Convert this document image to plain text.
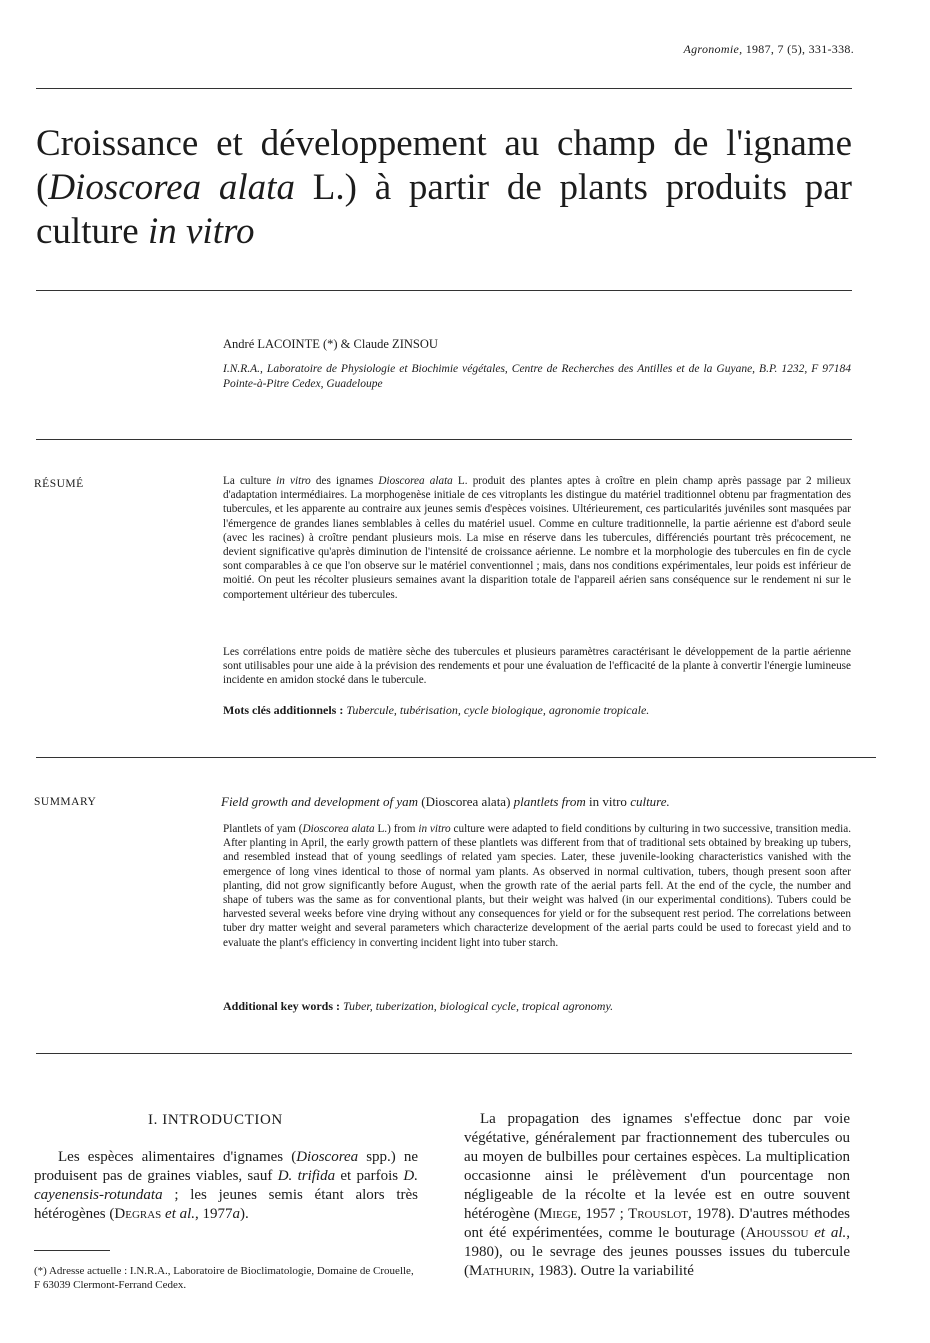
Agronomie, 1987, 7 (5), 331-338.
Croissance et développement au champ de l'igname (Dioscorea alata L.) à partir de plants produits par culture in vitro
André LACOINTE (*) & Claude ZINSOU
I.N.R.A., Laboratoire de Physiologie et Biochimie végétales, Centre de Recherches des Antilles et de la Guyane, B.P. 1232, F 97184 Pointe-à-Pitre Cedex, Guadeloupe
RÉSUMÉ	La culture in vitro des ignames Dioscorea alata L. produit des plantes aptes à croître en plein champ après passage par 2 milieux d'adaptation intermédiaires. La morphogenèse initiale de ces vitroplants les distingue du matériel traditionnel obtenu par fragmentation des tubercules, et les apparente au contraire aux jeunes semis d'espèces voisines. Ultérieurement, ces particularités juvéniles sont masquées par l'émergence de grandes lianes semblables à celles du matériel usuel. Comme en culture traditionnelle, la partie aérienne est d'abord seule (avec les racines) à croître pendant plusieurs mois. La mise en réserve dans les tubercules, différenciés pourtant très précocement, ne devient significative qu'après diminution de l'intensité de croissance aérienne. Le nombre et la morphologie des tubercules en fin de cycle sont comparables à ce que l'on observe sur le matériel conventionnel ; mais, dans nos conditions expérimentales, leur poids est inférieur de moitié. On peut les récolter plusieurs semaines avant la disparition totale de l'appareil aérien sans conséquence sur le rendement ni sur le comportement ultérieur des tubercules.
Les corrélations entre poids de matière sèche des tubercules et plusieurs paramètres caractérisant le développement de la partie aérienne sont utilisables pour une aide à la prévision des rendements et pour une évaluation de l'efficacité de la plante à convertir l'énergie lumineuse incidente en amidon stocké dans le tubercule.
Mots clés additionnels : Tubercule, tubérisation, cycle biologique, agronomie tropicale.
SUMMARY	Field growth and development of yam (Dioscorea alata) plantlets from in vitro culture.
Plantlets of yam (Dioscorea alata L.) from in vitro culture were adapted to field conditions by culturing in two successive, transition media. After planting in April, the early growth pattern of these plantlets was different from that of traditional sets obtained by breaking up tubers, and resembled instead that of young seedlings of related yam species. Later, these juvenile-looking characteristics vanished with the emergence of long vines identical to those of normal yam plants. As observed in normal cultivation, tubers, though present soon after planting, did not grow significantly before August, when the growth rate of the aerial parts fell. At the end of the cycle, the number and shape of tubers was the same as for conventional plants, but their weight was halved (in our experimental conditions). Tubers could be harvested several weeks before vine drying without any consequences for yield or for the subsequent rest period. The correlations between tuber dry matter weight and several parameters which characterize development of the aerial parts could be used to forecast yield and to evaluate the plant's efficiency in converting incident light into tuber starch.
Additional key words : Tuber, tuberization, biological cycle, tropical agronomy.
I. INTRODUCTION
Les espèces alimentaires d'ignames (Dioscorea spp.) ne produisent pas de graines viables, sauf D. trifida et parfois D. cayenensis-rotundata ; les jeunes semis étant alors très hétérogènes (Degras et al., 1977a).
La propagation des ignames s'effectue donc par voie végétative, généralement par fractionnement des tubercules ou au moyen de bulbilles pour certaines espèces. La multiplication occasionne ainsi le prélèvement d'un pourcentage non négligeable de la récolte et la levée est en outre souvent hétérogène (Miege, 1957 ; Trouslot, 1978). D'autres méthodes ont été expérimentées, comme le bouturage (Ahoussou et al., 1980), ou le sevrage des jeunes pousses issues du tubercule (Mathurin, 1983). Outre la variabilité
(*) Adresse actuelle : I.N.R.A., Laboratoire de Bioclimatologie, Domaine de Crouelle, F 63039 Clermont-Ferrand Cedex.
